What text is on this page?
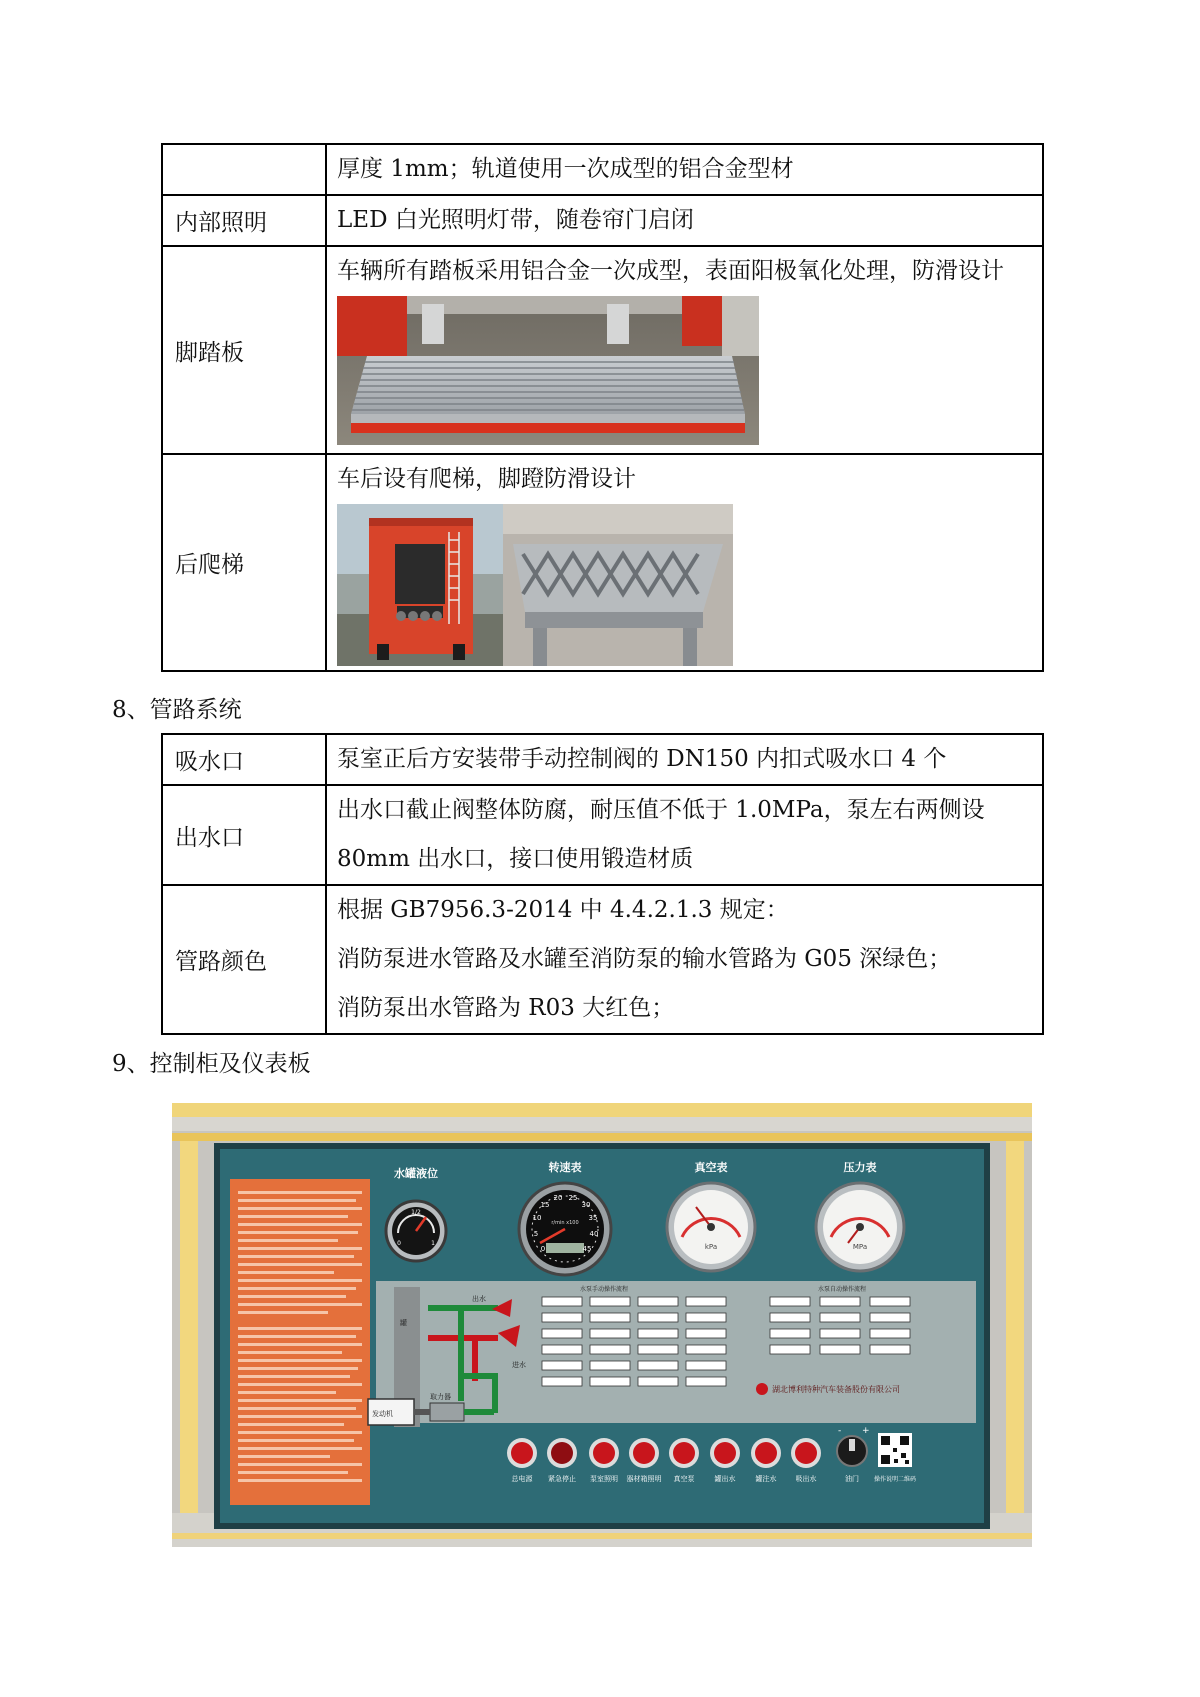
	厚度 1mm；轨道使用一次成型的铝合金型材

内部照明	LED 白光照明灯带，随卷帘门启闭

脚踏板	车辆所有踏板采用铝合金一次成型，表面阳极氧化处理，防滑设计

后爬梯	车后设有爬梯，脚蹬防滑设计
8、管路系统
吸水口	泵室正后方安装带手动控制阀的 DN150 内扣式吸水口 4 个

出水口	出水口截止阀整体防腐，耐压值不低于 1.0MPa，泵左右两侧设
80mm 出水口，接口使用锻造材质

管路颜色	根据 GB7956.3-2014 中 4.4.2.1.3 规定：
消防泵进水管路及水罐至消防泵的输水管路为 G05 深绿色；
消防泵出水管路为 R03 大红色；
9、控制柜及仪表板
水罐液位	转速表	真空表	压力表
0
1/2
1
0
5
10
15
20 25
30
35
40
45
r/min x100
kPa	MPa
发动机
取力器
出水
进水
罐
水泵手动操作流程	水泵自动操作流程
湖北博利特种汽车装备股份有限公司
总电源 紧急停止 泵室照明 器材箱照明 真空泵	罐出水	罐注水	吸出水
- +
油门 操作说明二维码
